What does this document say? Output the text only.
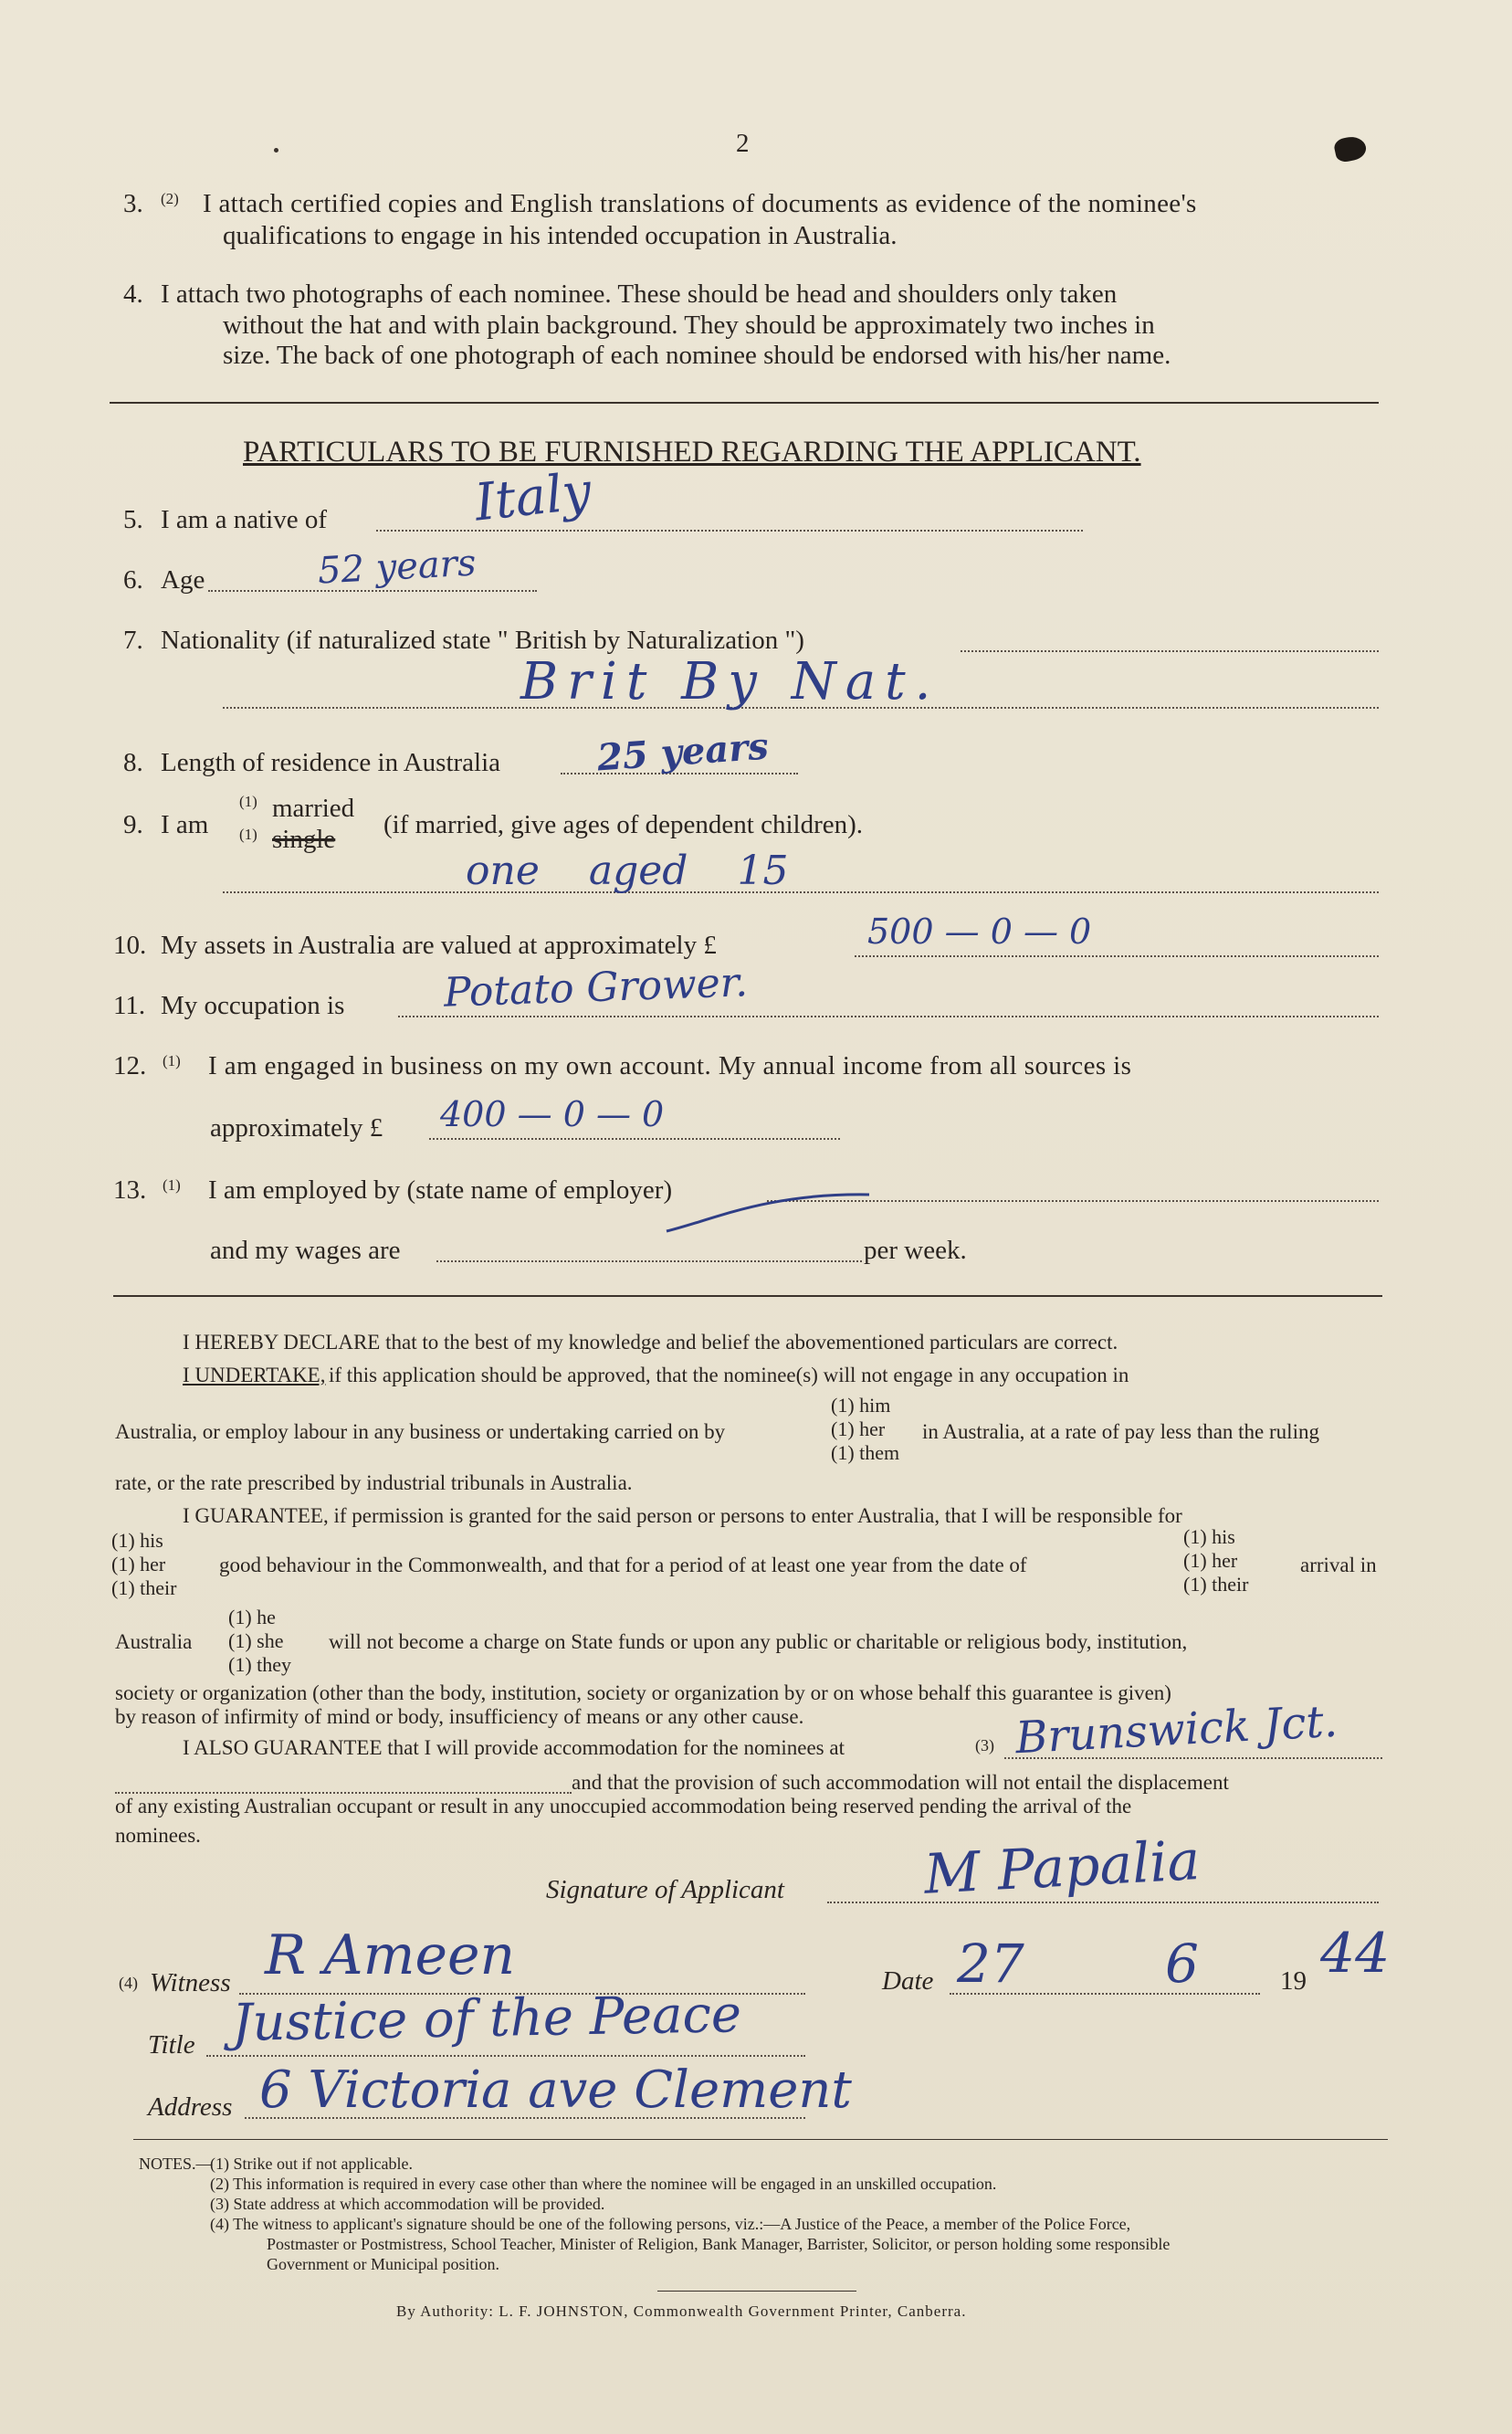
2
3. (2) I attach certified copies and English translations of documents as evidence of the nominee's
qualifications to engage in his intended occupation in Australia.
4. I attach two photographs of each nominee. These should be head and shoulders only taken
without the hat and with plain background. They should be approximately two inches in
size. The back of one photograph of each nominee should be endorsed with his/her name.
PARTICULARS TO BE FURNISHED REGARDING THE APPLICANT.
5. I am a native of	Italy
6. Age	52 years
7. Nationality (if naturalized state " British by Naturalization ")
Brit By Nat.
8. Length of residence in Australia	25 years
9. I am
(1) married
(1) single (if married, give ages of dependent children).
one aged 15
10. My assets in Australia are valued at approximately £	500 — 0 — 0
11. My occupation is Potato Grower.
12. (1) I am engaged in business on my own account. My annual income from all sources is
approximately £ 400 — 0 — 0
13. (1) I am employed by (state name of employer)
and my wages are	per week.
I HEREBY DECLARE that to the best of my knowledge and belief the abovementioned particulars are correct.
I UNDERTAKE, if this application should be approved, that the nominee(s) will not engage in any occupation in
Australia, or employ labour in any business or undertaking carried on by
(1) him
(1) her
(1) them
in Australia, at a rate of pay less than the ruling
rate, or the rate prescribed by industrial tribunals in Australia.
I GUARANTEE, if permission is granted for the said person or persons to enter Australia, that I will be responsible for
(1) his
(1) her
(1) their
good behaviour in the Commonwealth, and that for a period of at least one year from the date of
(1) his
(1) her
(1) their
arrival in
Australia
(1) he
(1) she
(1) they
will not become a charge on State funds or upon any public or charitable or religious body, institution,
society or organization (other than the body, institution, society or organization by or on whose behalf this guarantee is given)
by reason of infirmity of mind or body, insufficiency of means or any other cause.
I ALSO GUARANTEE that I will provide accommodation for the nominees at	(3) Brunswick Jct.
and that the provision of such accommodation will not entail the displacement
of any existing Australian occupant or result in any unoccupied accommodation being reserved pending the arrival of the
nominees.
Signature of Applicant	M Papalia
(4) Witness R Ameen	Date 27	6	19 44
Title Justice of the Peace
Address 6 Victoria ave Clement
NOTES.—
(1) Strike out if not applicable.
(2) This information is required in every case other than where the nominee will be engaged in an unskilled occupation.
(3) State address at which accommodation will be provided.
(4) The witness to applicant's signature should be one of the following persons, viz.:—A Justice of the Peace, a member of the Police Force,
Postmaster or Postmistress, School Teacher, Minister of Religion, Bank Manager, Barrister, Solicitor, or person holding some responsible
Government or Municipal position.
By Authority: L. F. JOHNSTON, Commonwealth Government Printer, Canberra.
